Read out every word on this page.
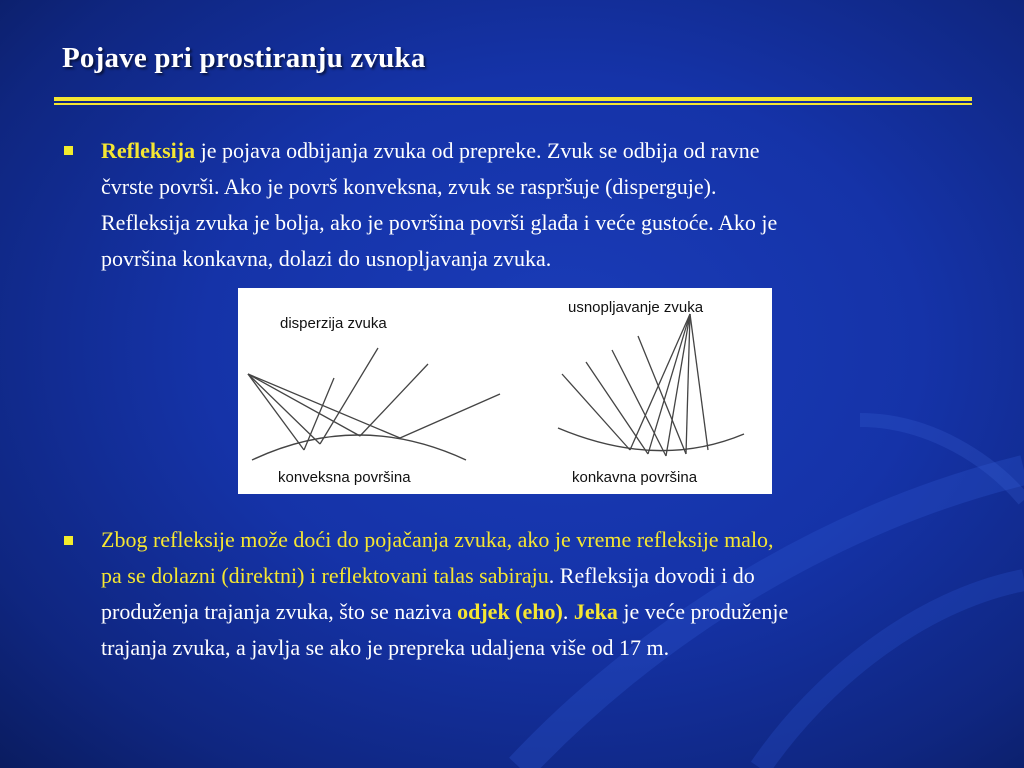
Pojave pri prostiranju zvuka
Refleksija je pojava odbijanja zvuka od prepreke. Zvuk se odbija od ravne
čvrste površi. Ako je površ konveksna, zvuk se raspršuje (disperguje).
Refleksija zvuka je bolja, ako je površina površi glađa i veće gustoće. Ako je
površina konkavna, dolazi do usnopljavanja zvuka.
disperzija zvuka
konveksna površina
usnopljavanje zvuka
konkavna površina
Zbog refleksije može doći do pojačanja zvuka, ako je vreme refleksije malo,
pa se dolazni (direktni) i reflektovani talas sabiraju. Refleksija dovodi i do
produženja trajanja zvuka, što se naziva odjek (eho). Jeka je veće produženje
trajanja zvuka, a javlja se ako je prepreka udaljena više od 17 m.
